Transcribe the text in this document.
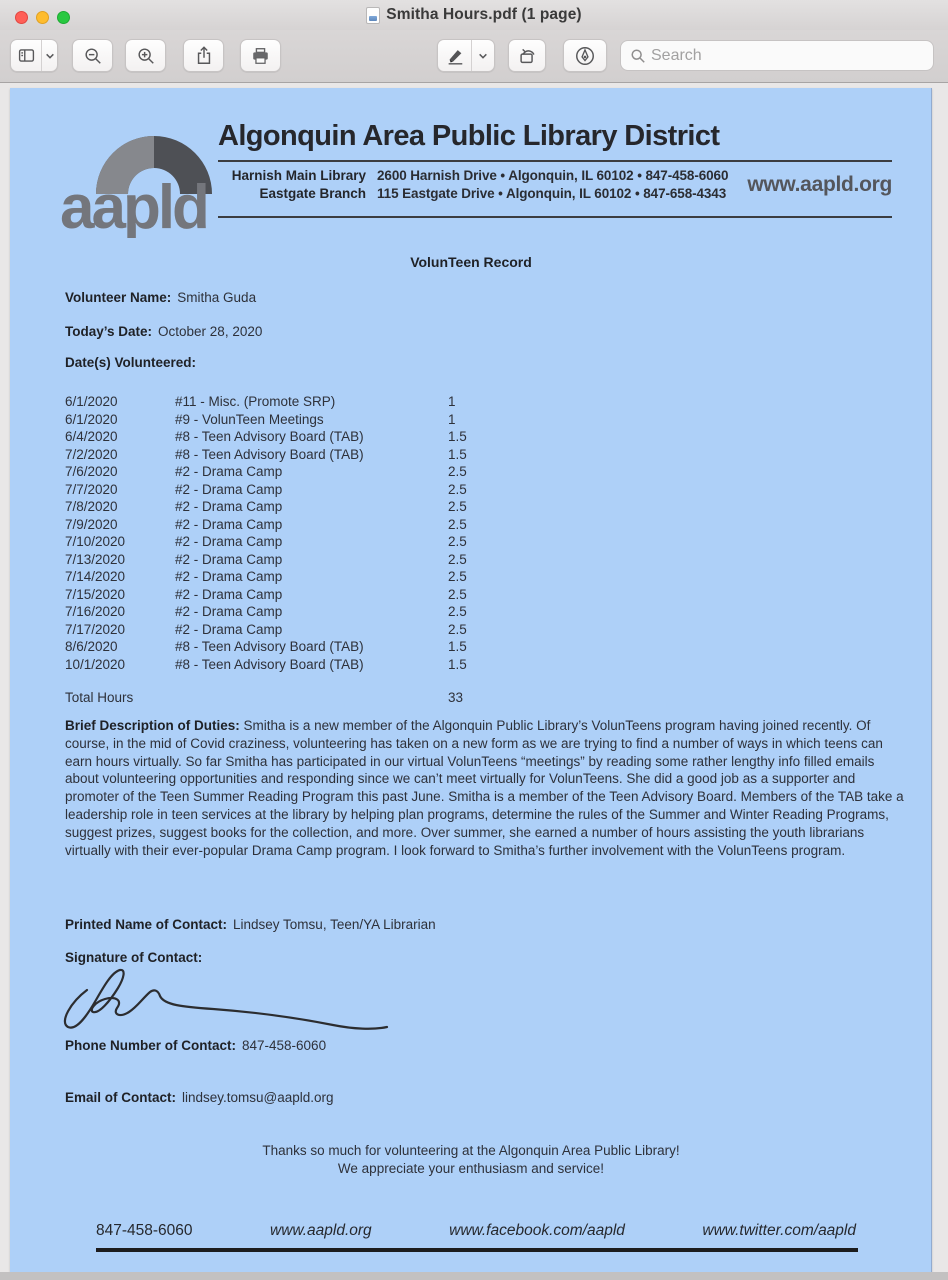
Smitha Hours.pdf (1 page)
Search
aapld
Algonquin Area Public Library District
Harnish Main Library 2600 Harnish Drive • Algonquin, IL 60102 • 847-458-6060
Eastgate Branch 115 Eastgate Drive • Algonquin, IL 60102 • 847-658-4343	www.aapld.org
VolunTeen Record
Volunteer Name: Smitha Guda
Today’s Date: October 28, 2020
Date(s) Volunteered:
6/1/2020	#11 - Misc. (Promote SRP)	1
6/1/2020	#9 - VolunTeen Meetings	1
6/4/2020	#8 - Teen Advisory Board (TAB)	1.5
7/2/2020	#8 - Teen Advisory Board (TAB)	1.5
7/6/2020	#2 - Drama Camp	2.5
7/7/2020	#2 - Drama Camp	2.5
7/8/2020	#2 - Drama Camp	2.5
7/9/2020	#2 - Drama Camp	2.5
7/10/2020	#2 - Drama Camp	2.5
7/13/2020	#2 - Drama Camp	2.5
7/14/2020	#2 - Drama Camp	2.5
7/15/2020	#2 - Drama Camp	2.5
7/16/2020	#2 - Drama Camp	2.5
7/17/2020	#2 - Drama Camp	2.5
8/6/2020	#8 - Teen Advisory Board (TAB)	1.5
10/1/2020	#8 - Teen Advisory Board (TAB)	1.5
Total Hours	33
Brief Description of Duties: Smitha is a new member of the Algonquin Public Library’s VolunTeens program having joined recently. Of course, in the mid of Covid craziness, volunteering has taken on a new form as we are trying to find a number of ways in which teens can earn hours virtually. So far Smitha has participated in our virtual VolunTeens “meetings” by reading some rather lengthy info filled emails about volunteering opportunities and responding since we can’t meet virtually for VolunTeens. She did a good job as a supporter and promoter of the Teen Summer Reading Program this past June. Smitha is a member of the Teen Advisory Board. Members of the TAB take a leadership role in teen services at the library by helping plan programs, determine the rules of the Summer and Winter Reading Programs, suggest prizes, suggest books for the collection, and more. Over summer, she earned a number of hours assisting the youth librarians virtually with their ever-popular Drama Camp program. I look forward to Smitha’s further involvement with the VolunTeens program.
Printed Name of Contact: Lindsey Tomsu, Teen/YA Librarian
Signature of Contact:
Phone Number of Contact: 847-458-6060
Email of Contact: lindsey.tomsu@aapld.org
Thanks so much for volunteering at the Algonquin Area Public Library!
We appreciate your enthusiasm and service!
847-458-6060	www.aapld.org	www.facebook.com/aapld	www.twitter.com/aapld
